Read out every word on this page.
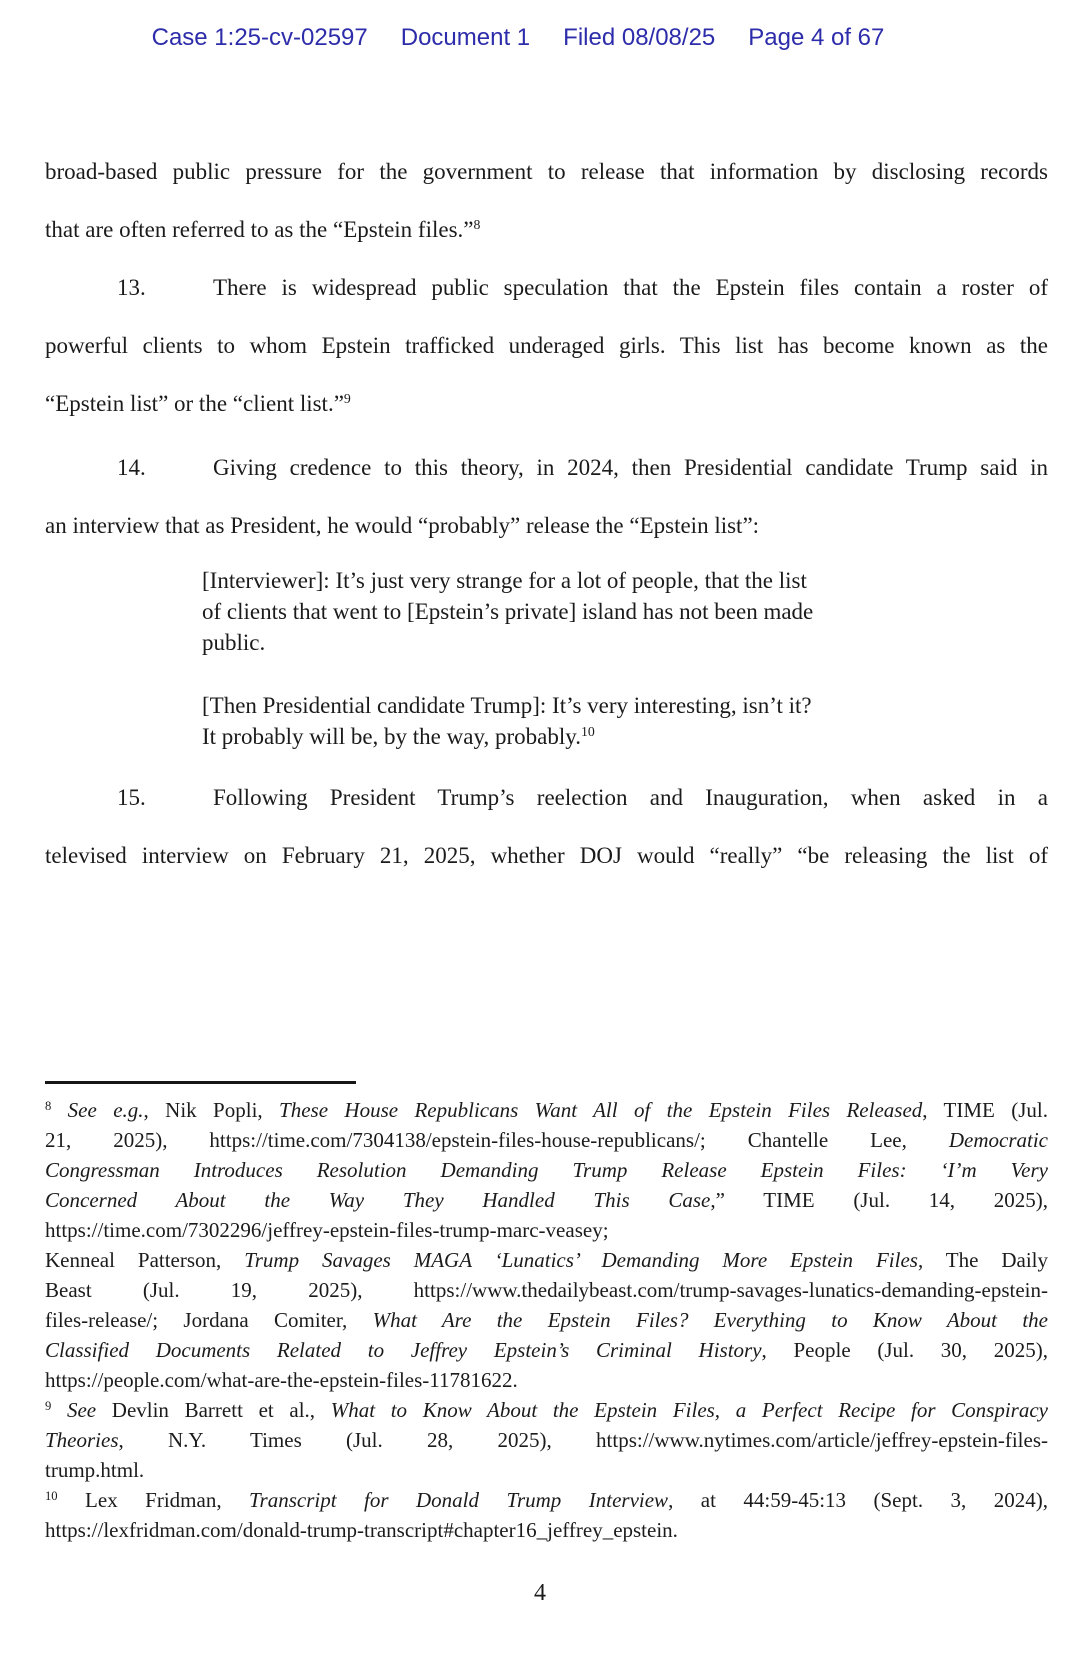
Case 1:25-cv-02597 Document 1 Filed 08/08/25 Page 4 of 67
broad-based public pressure for the government to release that information by disclosing records
that are often referred to as the “Epstein files.”$^8$
13.	There is widespread public speculation that the Epstein files contain a roster of
powerful clients to whom Epstein trafficked underaged girls. This list has become known as the
“Epstein list” or the “client list.”$^9$
14.	Giving credence to this theory, in 2024, then Presidential candidate Trump said in
an interview that as President, he would “probably” release the “Epstein list”:
[Interviewer]: It’s just very strange for a lot of people, that the list
of clients that went to [Epstein’s private] island has not been made
public.
[Then Presidential candidate Trump]: It’s very interesting, isn’t it?
It probably will be, by the way, probably.$^{10}$
15.	Following President Trump’s reelection and Inauguration, when asked in a
televised interview on February 21, 2025, whether DOJ would “really” “be releasing the list of
$^8$ See e.g., Nik Popli, These House Republicans Want All of the Epstein Files Released, TIME (Jul.
21, 2025), https://time.com/7304138/epstein-files-house-republicans/; Chantelle Lee, Democratic
Congressman Introduces Resolution Demanding Trump Release Epstein Files: ‘I’m Very
Concerned About the Way They Handled This Case,” TIME (Jul. 14, 2025),
https://time.com/7302296/jeffrey-epstein-files-trump-marc-veasey;
Kenneal Patterson, Trump Savages MAGA ‘Lunatics’ Demanding More Epstein Files, The Daily
Beast (Jul. 19, 2025), https://www.thedailybeast.com/trump-savages-lunatics-demanding-epstein-
files-release/; Jordana Comiter, What Are the Epstein Files? Everything to Know About the
Classified Documents Related to Jeffrey Epstein’s Criminal History, People (Jul. 30, 2025),
https://people.com/what-are-the-epstein-files-11781622.
$^9$ See Devlin Barrett et al., What to Know About the Epstein Files, a Perfect Recipe for Conspiracy
Theories, N.Y. Times (Jul. 28, 2025), https://www.nytimes.com/article/jeffrey-epstein-files-
trump.html.
$^{10}$ Lex Fridman, Transcript for Donald Trump Interview, at 44:59-45:13 (Sept. 3, 2024),
https://lexfridman.com/donald-trump-transcript#chapter16_jeffrey_epstein.
4
